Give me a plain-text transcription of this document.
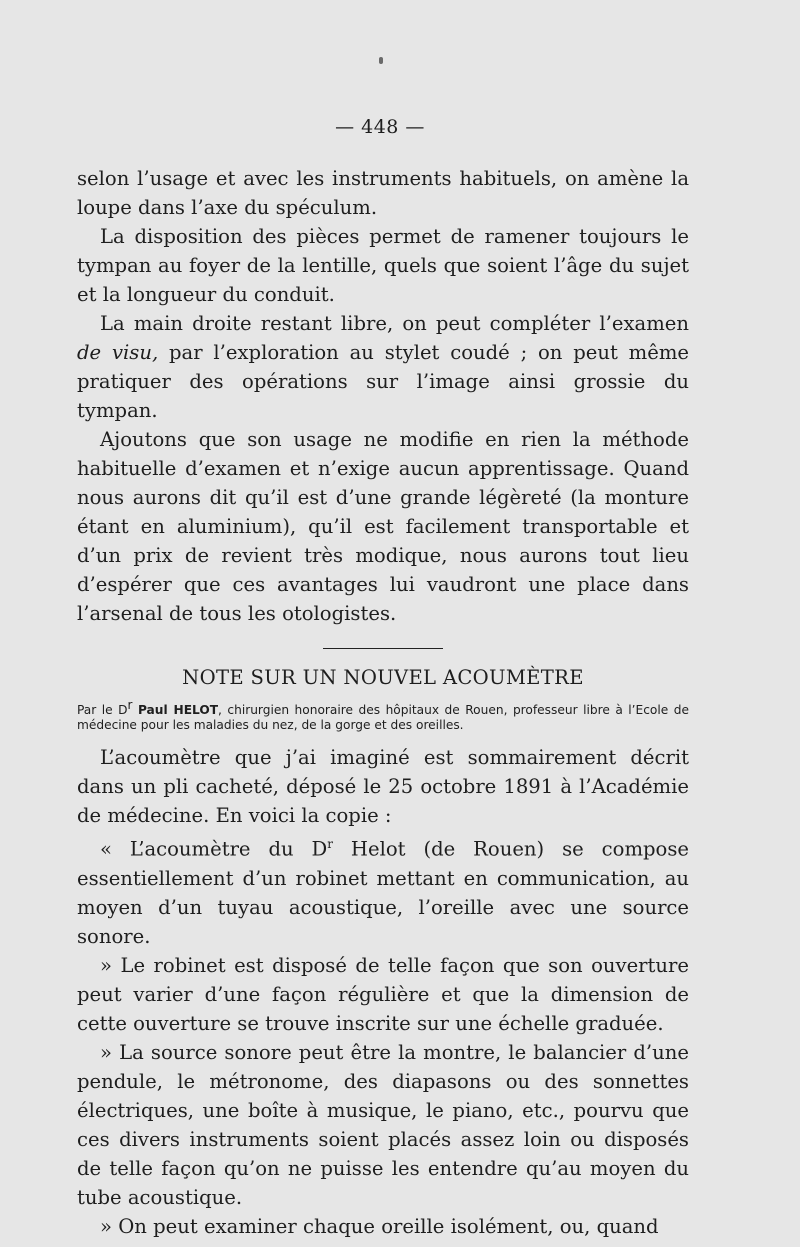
— 448 —

selon l’usage et avec les instruments habituels, on amène la loupe dans l’axe du spéculum.

La disposition des pièces permet de ramener toujours le tympan au foyer de la lentille, quels que soient l’âge du sujet et la longueur du conduit.

La main droite restant libre, on peut compléter l’examen de visu, par l’exploration au stylet coudé ; on peut même pratiquer des opérations sur l’image ainsi grossie du tympan.

Ajoutons que son usage ne modifie en rien la méthode habituelle d’examen et n’exige aucun apprentissage. Quand nous aurons dit qu’il est d’une grande légèreté (la monture étant en aluminium), qu’il est facilement transportable et d’un prix de revient très modique, nous aurons tout lieu d’espérer que ces avantages lui vaudront une place dans l’arsenal de tous les otologistes.

NOTE SUR UN NOUVEL ACOUMÈTRE
Par le $D^r$ Paul HELOT, chirurgien honoraire des hôpitaux de Rouen, professeur libre à l’Ecole de médecine pour les maladies du nez, de la gorge et des oreilles.

L’acoumètre que j’ai imaginé est sommairement décrit dans un pli cacheté, déposé le 25 octobre 1891 à l’Académie de médecine. En voici la copie :

« L’acoumètre du $D^r$ Helot (de Rouen) se compose essentiellement d’un robinet mettant en communication, au moyen d’un tuyau acoustique, l’oreille avec une source sonore.

» Le robinet est disposé de telle façon que son ouverture peut varier d’une façon régulière et que la dimension de cette ouverture se trouve inscrite sur une échelle graduée.

» La source sonore peut être la montre, le balancier d’une pendule, le métronome, des diapasons ou des sonnettes électriques, une boîte à musique, le piano, etc., pourvu que ces divers instruments soient placés assez loin ou disposés de telle façon qu’on ne puisse les entendre qu’au moyen du tube acoustique.

» On peut examiner chaque oreille isolément, ou, quand
